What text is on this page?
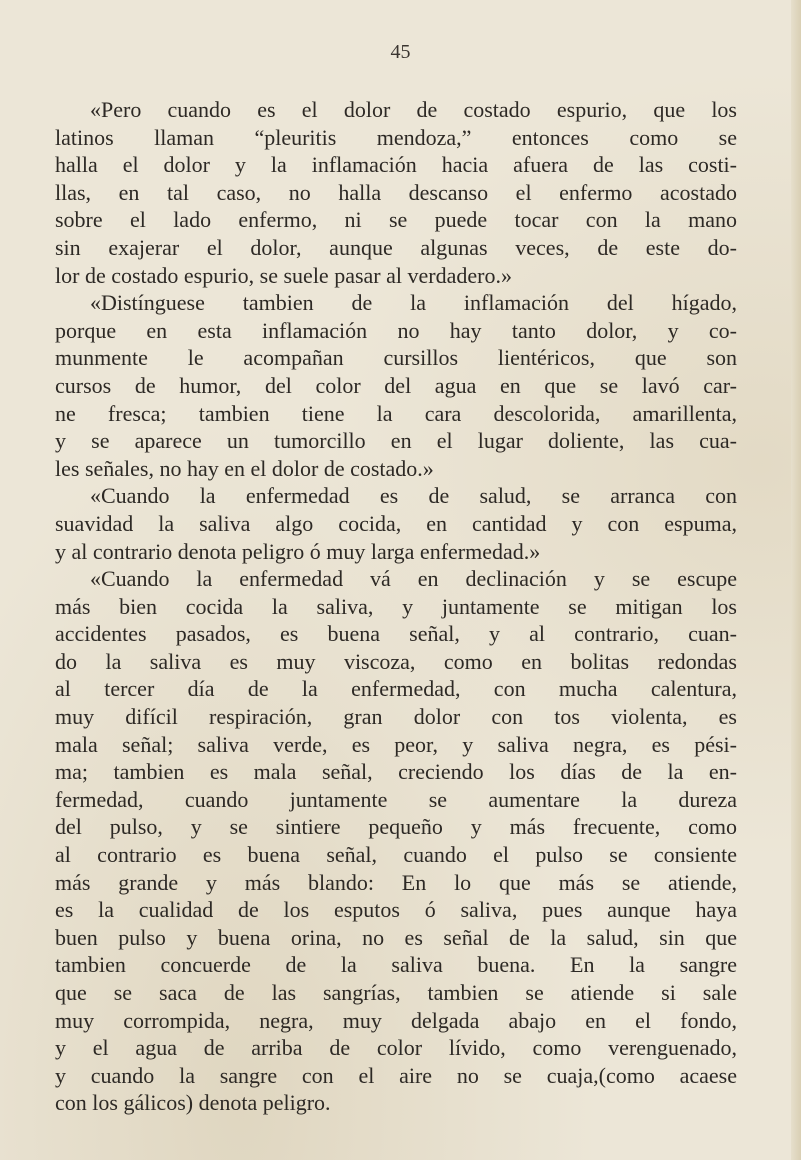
45

«Pero cuando es el dolor de costado espurio, que los
latinos llaman “pleuritis mendoza,” entonces como se
halla el dolor y la inflamación hacia afuera de las costi-
llas, en tal caso, no halla descanso el enfermo acostado
sobre el lado enfermo, ni se puede tocar con la mano
sin exajerar el dolor, aunque algunas veces, de este do-
lor de costado espurio, se suele pasar al verdadero.»
«Distínguese tambien de la inflamación del hígado,
porque en esta inflamación no hay tanto dolor, y co-
munmente le acompañan cursillos lientéricos, que son
cursos de humor, del color del agua en que se lavó car-
ne fresca; tambien tiene la cara descolorida, amarillenta,
y se aparece un tumorcillo en el lugar doliente, las cua-
les señales, no hay en el dolor de costado.»
«Cuando la enfermedad es de salud, se arranca con
suavidad la saliva algo cocida, en cantidad y con espuma,
y al contrario denota peligro ó muy larga enfermedad.»
«Cuando la enfermedad vá en declinación y se escupe
más bien cocida la saliva, y juntamente se mitigan los
accidentes pasados, es buena señal, y al contrario, cuan-
do la saliva es muy viscoza, como en bolitas redondas
al tercer día de la enfermedad, con mucha calentura,
muy difícil respiración, gran dolor con tos violenta, es
mala señal; saliva verde, es peor, y saliva negra, es pési-
ma; tambien es mala señal, creciendo los días de la en-
fermedad, cuando juntamente se aumentare la dureza
del pulso, y se sintiere pequeño y más frecuente, como
al contrario es buena señal, cuando el pulso se consiente
más grande y más blando: En lo que más se atiende,
es la cualidad de los esputos ó saliva, pues aunque haya
buen pulso y buena orina, no es señal de la salud, sin que
tambien concuerde de la saliva buena. En la sangre
que se saca de las sangrías, tambien se atiende si sale
muy corrompida, negra, muy delgada abajo en el fondo,
y el agua de arriba de color lívido, como verenguenado,
y cuando la sangre con el aire no se cuaja,(como acaese
con los gálicos) denota peligro.
